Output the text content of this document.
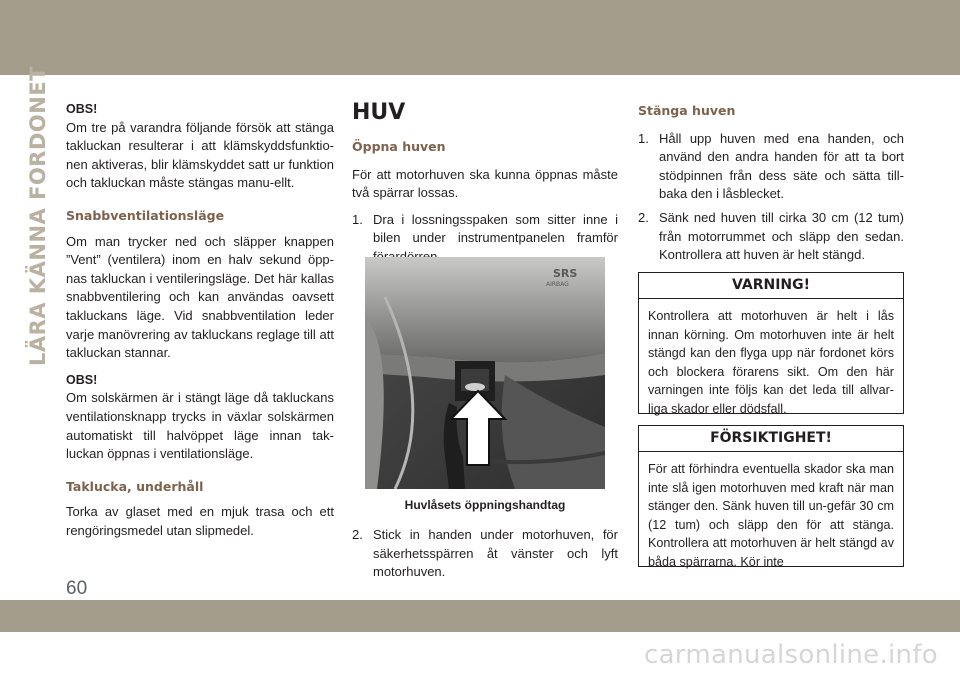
LÄRA KÄNNA FORDONET OBS!

Om tre på varandra följande försök att stänga takluckan resulterar i att klämskyddsfunktio-nen aktiveras, blir klämskyddet satt ur funktion och takluckan måste stängas manu-ellt.

Snabbventilationsläge

Om man trycker ned och släpper knappen ”Vent” (ventilera) inom en halv sekund öpp-nas takluckan i ventileringsläge. Det här kallas snabbventilering och kan användas oavsett takluckans läge. Vid snabbventilation leder varje manövrering av takluckans reglage till att takluckan stannar.

OBS!

Om solskärmen är i stängt läge då takluckans ventilationsknapp trycks in växlar solskärmen automatiskt till halvöppet läge innan tak-luckan öppnas i ventilationsläge.

Taklucka, underhåll

Torka av glaset med en mjuk trasa och ett rengöringsmedel utan slipmedel.

HUV
Öppna huven

För att motorhuven ska kunna öppnas måste två spärrar lossas.

1. Dra i lossningsspaken som sitter inne i bilen under instrumentpanelen framför
SRS
AIRBAG
Huvlåsets öppningshandtag
2. Stick in handen under motorhuven, för säkerhetsspärren åt vänster och lyft motorhuven.
Stänga huven
1. Håll upp huven med ena handen, och använd den andra handen för att ta bort stödpinnen från dess säte och sätta till-baka den i låsblecket.
2. Sänk ned huven till cirka 30 cm (12 tum) från motorrummet och släpp den sedan. Kontrollera att huven är helt stängd.
VARNING!

Kontrollera att motorhuven är helt i lås innan körning. Om motorhuven inte är helt stängd kan den flyga upp när fordonet körs och blockera förarens sikt. Om den här varningen inte följs kan det leda till allvar-liga skador eller dödsfall.

FÖRSIKTIGHET!

För att förhindra eventuella skador ska man inte slå igen motorhuven med kraft när man stänger den. Sänk huven till un-gefär 30 cm (12 tum) och släpp den för att stänga. Kontrollera att motorhuven är helt stängd av båda spärrarna. Kör inte

60
carmanualsonline.info
